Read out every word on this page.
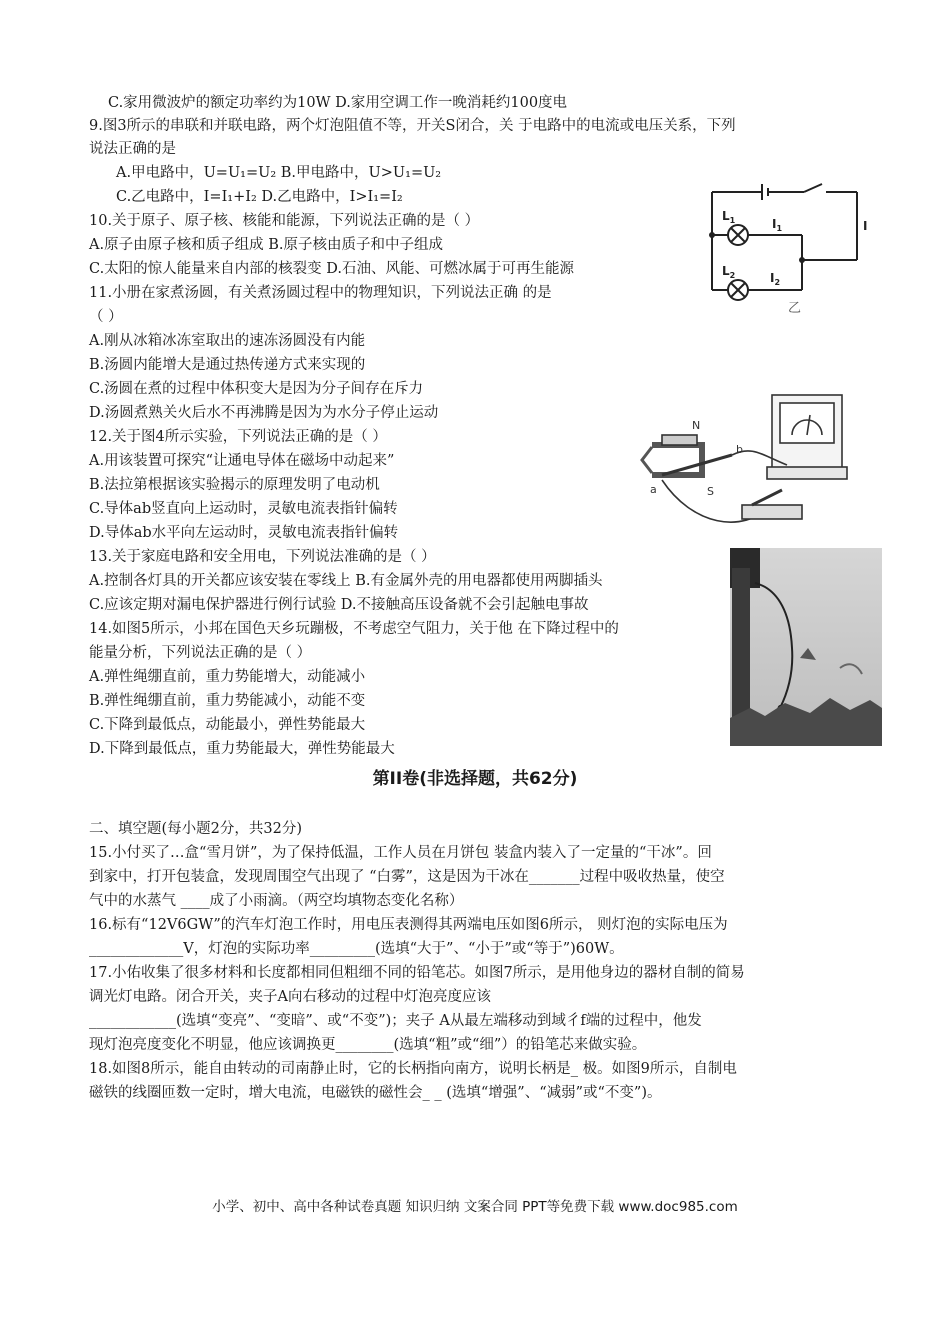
C.家用微波炉的额定功率约为10W D.家用空调工作一晚消耗约100度电
9.图3所示的串联和并联电路，两个灯泡阻值不等，开关S闭合，关 于电路中的电流或电压关系，下列
说法正确的是
A.甲电路中，U=U₁=U₂ B.甲电路中，U>U₁=U₂
C.乙电路中，I=I₁+I₂ D.乙电路中，I>I₁=I₂
10.关于原子、原子核、核能和能源，下列说法正确的是（ ）
A.原子由原子核和质子组成 B.原子核由质子和中子组成
C.太阳的惊人能量来自内部的核裂变 D.石油、风能、可燃冰属于可再生能源
11.小册在家煮汤圆，有关煮汤圆过程中的物理知识，下列说法正确 的是
（ ）
A.刚从冰箱冰冻室取出的速冻汤圆没有内能
B.汤圆内能增大是通过热传递方式来实现的
C.汤圆在煮的过程中体积变大是因为分子间存在斥力
D.汤圆煮熟关火后水不再沸腾是因为为水分子停止运动
12.关于图4所示实验，下列说法正确的是（ ）
A.用该装置可探究“让通电导体在磁场中动起来”
B.法拉第根据该实验揭示的原理发明了电动机
C.导体ab竖直向上运动时，灵敏电流表指针偏转
D.导体ab水平向左运动时，灵敏电流表指针偏转
13.关于家庭电路和安全用电，下列说法准确的是（ ）
A.控制各灯具的开关都应该安装在零线上 B.有金属外壳的用电器都使用两脚插头
C.应该定期对漏电保护器进行例行试验 D.不接触高压设备就不会引起触电事故
14.如图5所示，小邦在国色天乡玩蹦极，不考虑空气阻力，关于他 在下降过程中的
能量分析，下列说法正确的是（ ）
A.弹性绳绷直前，重力势能增大，动能减小
B.弹性绳绷直前，重力势能减小，动能不变
C.下降到最低点，动能最小，弹性势能最大
D.下降到最低点，重力势能最大，弹性势能最大
第II卷(非选择题，共62分)
二、填空题(每小题2分，共32分)
15.小付买了…盒“雪月饼”，为了保持低温，工作人员在月饼包 装盒内装入了一定量的“干冰”。回
到家中，打开包装盒，发现周围空气出现了 “白雾”，这是因为干冰在_______过程中吸收热量，使空
气中的水蒸气 ____成了小雨滴。（两空均填物态变化名称）
16.标有“12V6GW”的汽车灯泡工作时，用电压表测得其两端电压如图6所示， 则灯泡的实际电压为
_____________V，灯泡的实际功率_________(选填“大于”、“小于”或“等于”)60W。
17.小佑收集了很多材料和长度都相同但粗细不同的铅笔芯。如图7所示，是用他身边的器材自制的简易
调光灯电路。闭合开关，夹子A向右移动的过程中灯泡亮度应该
____________(选填“变亮”、“变暗”、或“不变”)；夹子 A从最左端移动到域彳f端的过程中，他发
现灯泡亮度变化不明显，他应该调换更________(选填“粗”或“细”）的铅笔芯来做实验。
18.如图8所示，能自由转动的司南静止时，它的长柄指向南方，说明长柄是_ 极。如图9所示，自制电
磁铁的线圈匝数一定时，增大电流，电磁铁的磁性会_ _ (选填“增强”、“减弱”或“不变”)。
小学、初中、高中各种试卷真题 知识归纳 文案合同 PPT等免费下载 www.doc985.com
$L_1$	$I_1$
$L_2$	$I_2$
I
乙
N
S
a
b
